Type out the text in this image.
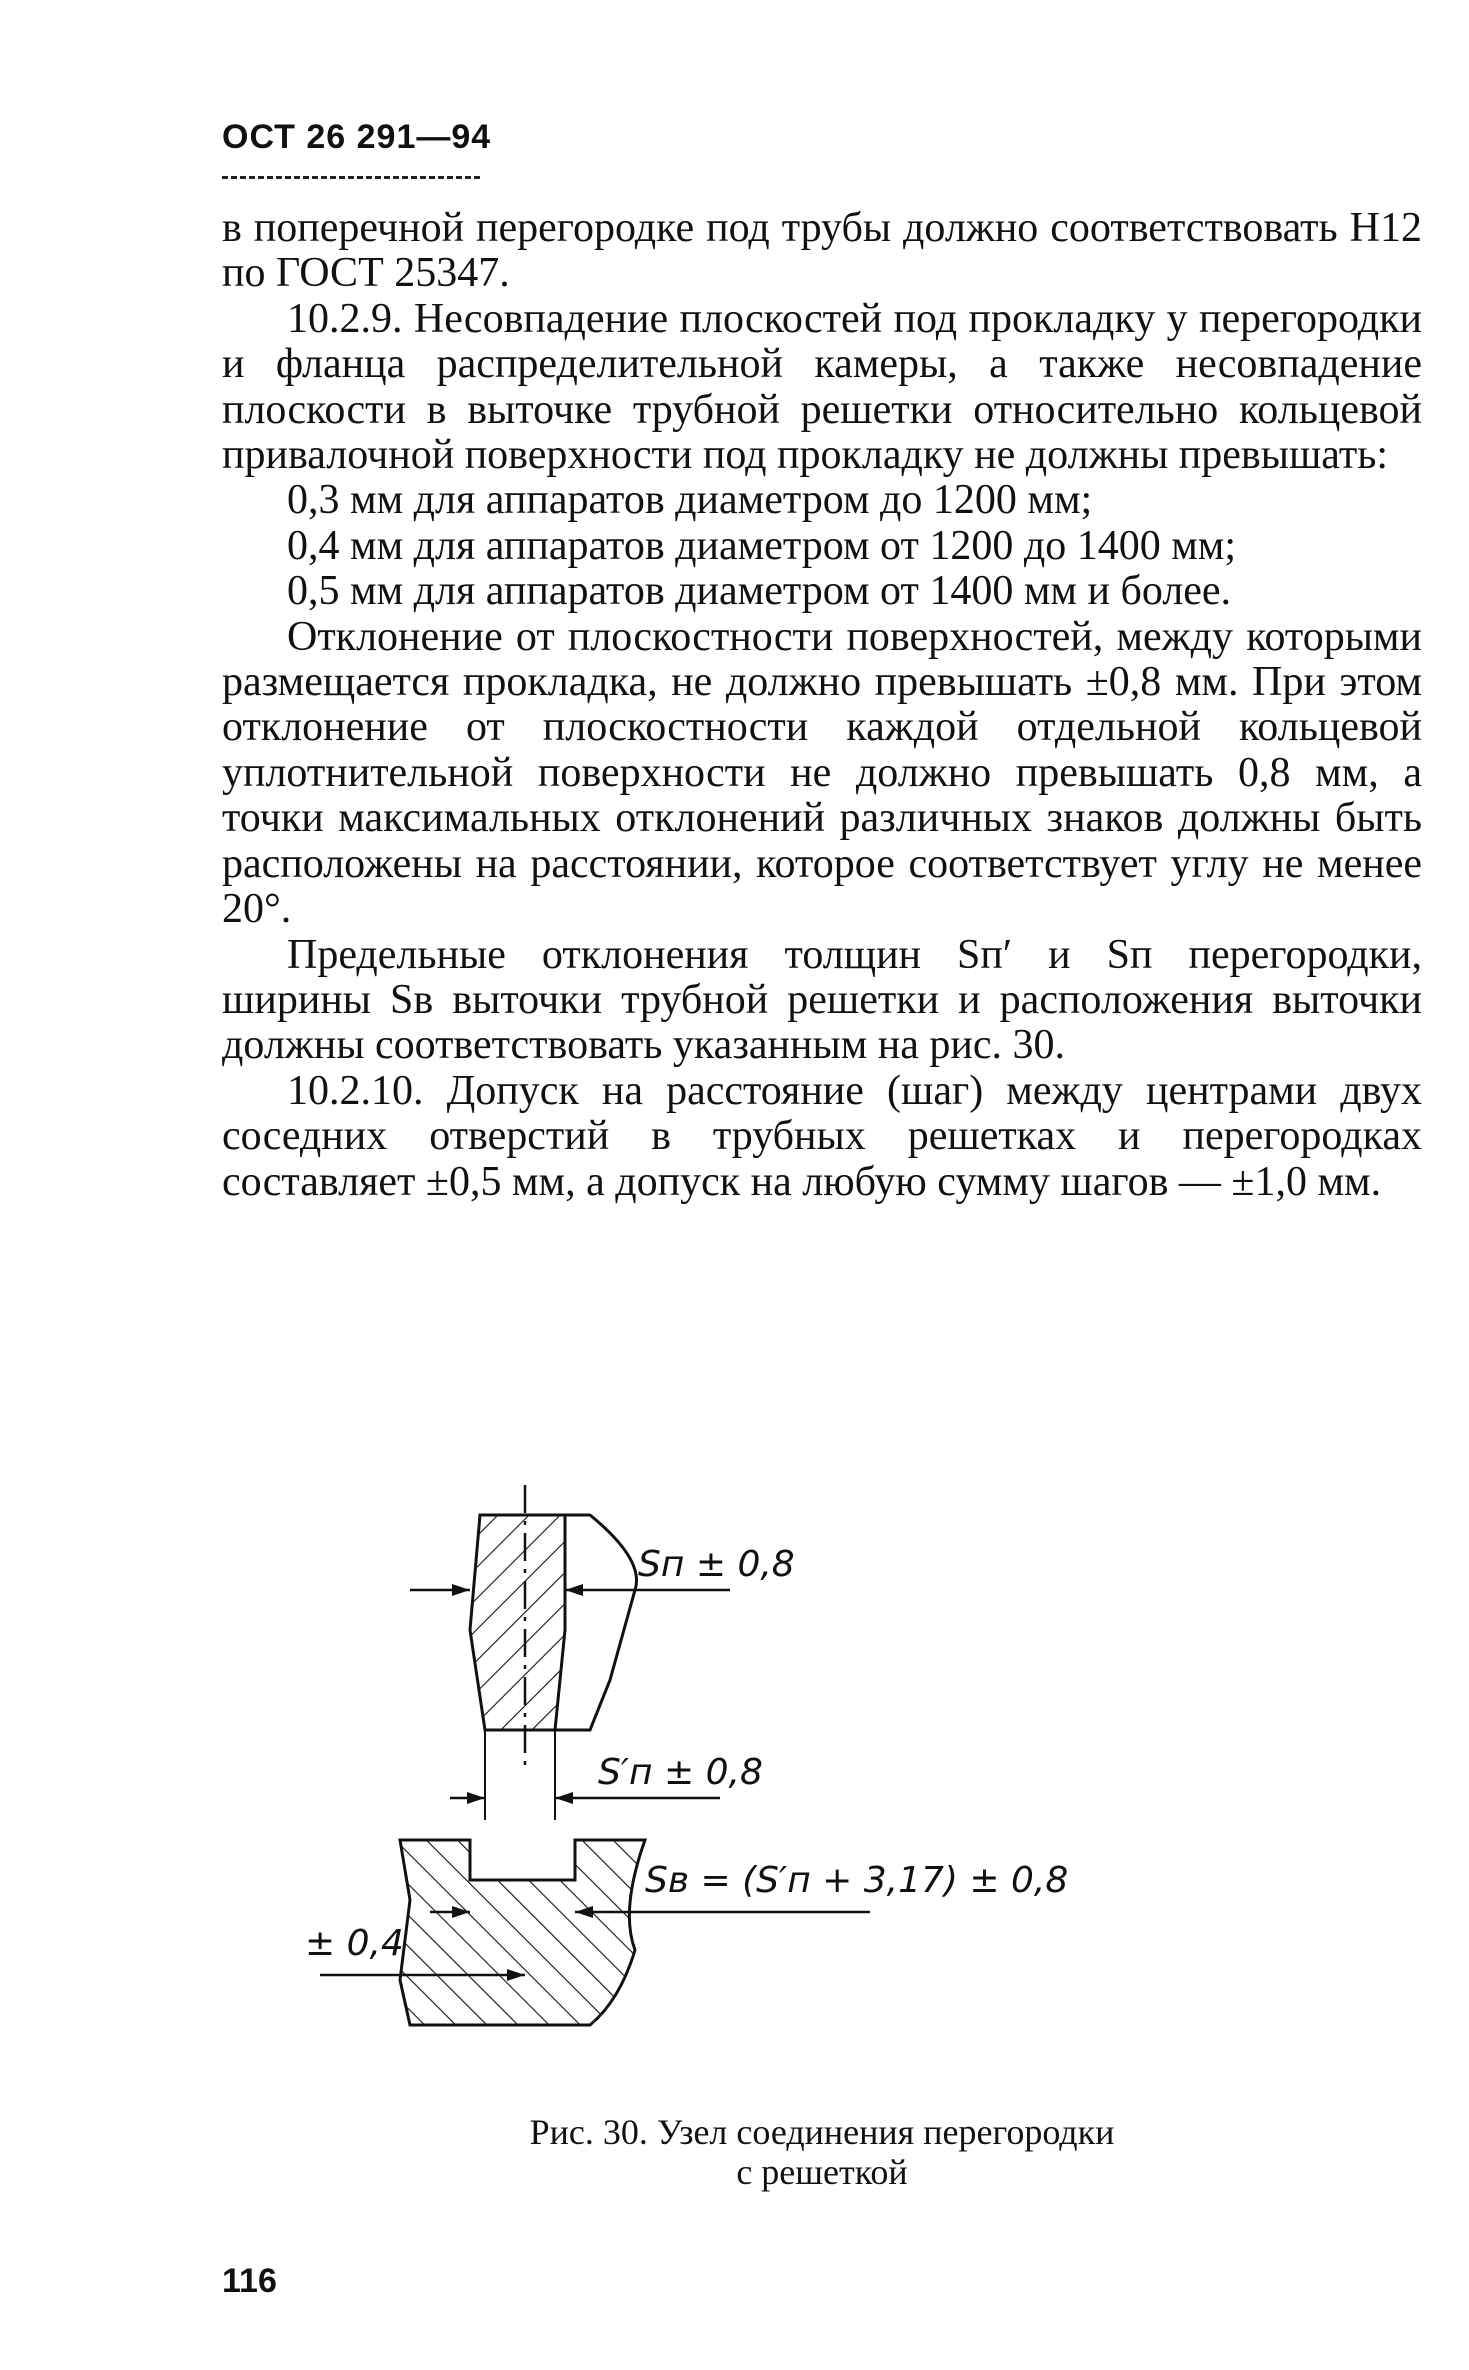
ОСТ 26 291—94

в поперечной перегородке под трубы должно соответствовать Н12 по ГОСТ 25347.

10.2.9. Несовпадение плоскостей под прокладку у перегородки и фланца распределительной камеры, а также несовпадение плоскости в выточке трубной решетки относительно кольцевой привалочной поверхности под прокладку не должны превышать:

0,3 мм для аппаратов диаметром до 1200 мм;

0,4 мм для аппаратов диаметром от 1200 до 1400 мм;

0,5 мм для аппаратов диаметром от 1400 мм и более.

Отклонение от плоскостности поверхностей, между которыми размещается прокладка, не должно превышать ±0,8 мм. При этом отклонение от плоскостности каждой отдельной кольцевой уплотнительной поверхности не должно превышать 0,8 мм, а точки максимальных отклонений различных знаков должны быть расположены на расстоянии, которое соответствует углу не менее 20°.

Предельные отклонения толщин Sп′ и Sп перегородки, ширины Sв выточки трубной решетки и расположения выточки должны соответствовать указанным на рис. 30.

10.2.10. Допуск на расстояние (шаг) между центрами двух соседних отверстий в трубных решетках и перегородках составляет ±0,5 мм, а допуск на любую сумму шагов — ±1,0 мм.

Sп ± 0,8
S′п ± 0,8
Sв = (S′п + 3,17) ± 0,8
± 0,4

Рис. 30. Узел соединения перегородки

с решеткой

116
